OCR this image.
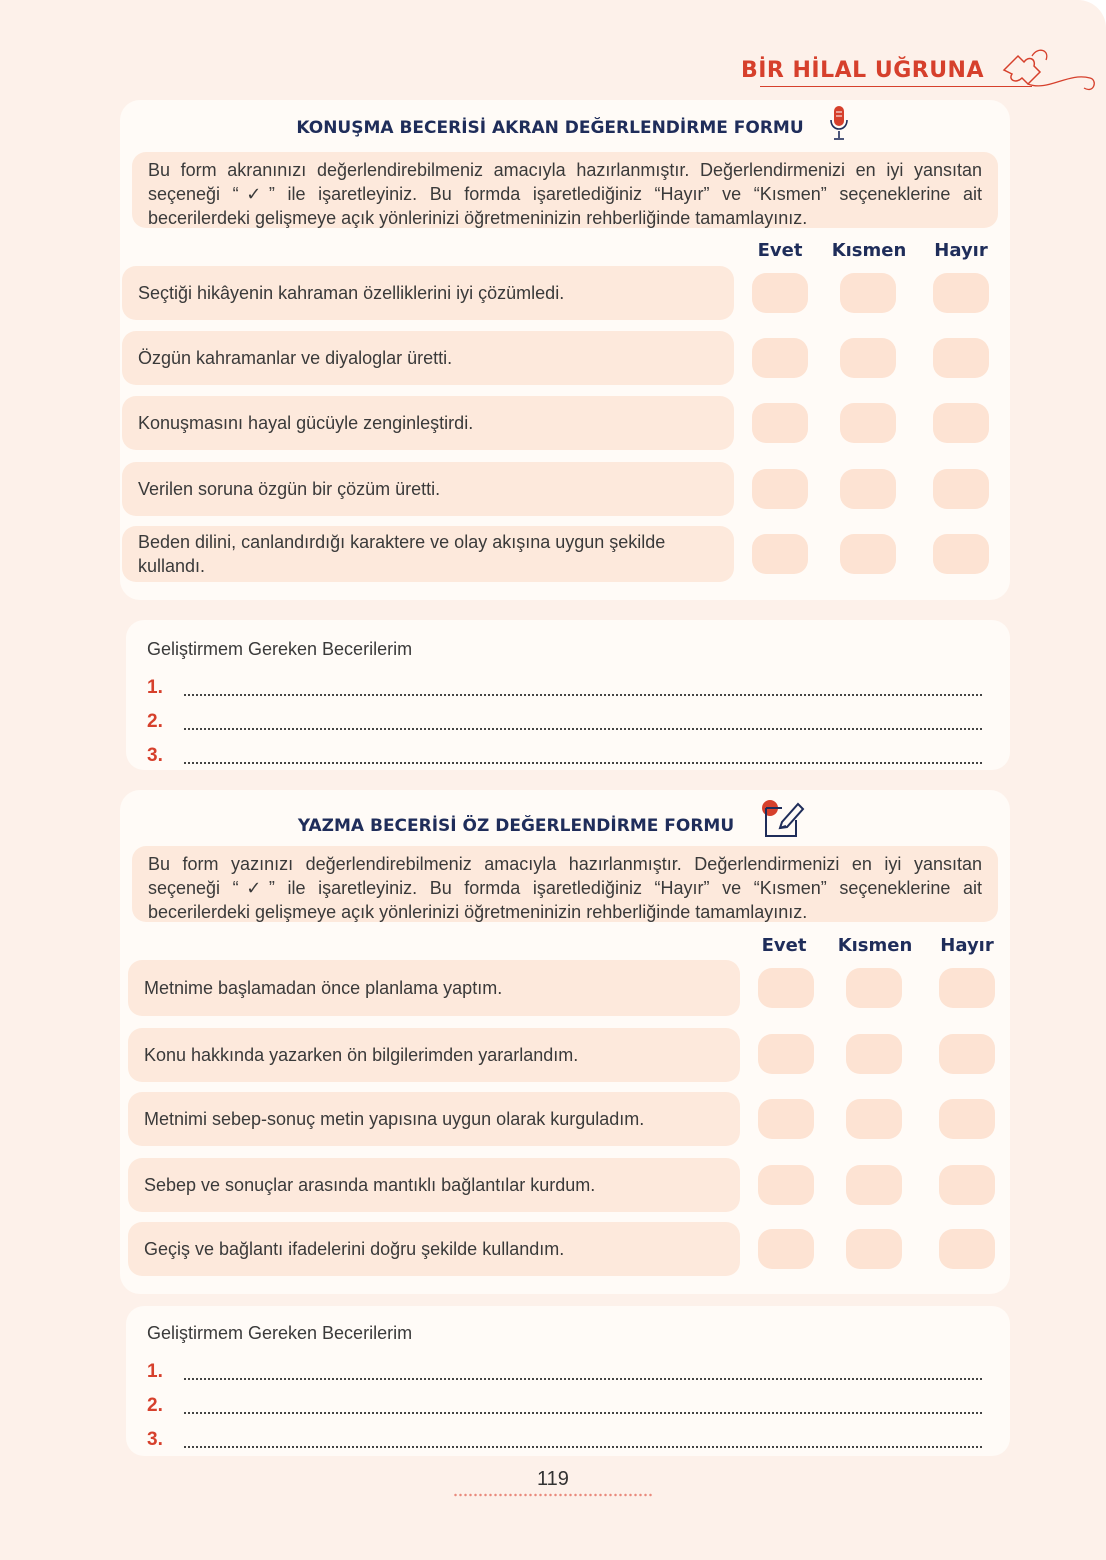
BİR HİLAL UĞRUNA
KONUŞMA BECERİSİ AKRAN DEĞERLENDİRME FORMU
Bu form akranınızı değerlendirebilmeniz amacıyla hazırlanmıştır. Değerlendirmenizi en iyi yansıtan seçeneği “✓” ile işaretleyiniz. Bu formda işaretlediğiniz “Hayır” ve “Kısmen” seçeneklerine ait becerilerdeki gelişmeye açık yönlerinizi öğretmeninizin rehberliğinde tamamlayınız.
Evet	Kısmen	Hayır
Seçtiği hikâyenin kahraman özelliklerini iyi çözümledi.
Özgün kahramanlar ve diyaloglar üretti.
Konuşmasını hayal gücüyle zenginleştirdi.
Verilen soruna özgün bir çözüm üretti.
Beden dilini, canlandırdığı karaktere ve olay akışına uygun şekilde kullandı.
Geliştirmem Gereken Becerilerim
1.
2.
3.
YAZMA BECERİSİ ÖZ DEĞERLENDİRME FORMU
Bu form yazınızı değerlendirebilmeniz amacıyla hazırlanmıştır. Değerlendirmenizi en iyi yansıtan seçeneği “✓” ile işaretleyiniz. Bu formda işaretlediğiniz “Hayır” ve “Kısmen” seçeneklerine ait becerilerdeki gelişmeye açık yönlerinizi öğretmeninizin rehberliğinde tamamlayınız.
Evet	Kısmen	Hayır
Metnime başlamadan önce planlama yaptım.
Konu hakkında yazarken ön bilgilerimden yararlandım.
Metnimi sebep-sonuç metin yapısına uygun olarak kurguladım.
Sebep ve sonuçlar arasında mantıklı bağlantılar kurdum.
Geçiş ve bağlantı ifadelerini doğru şekilde kullandım.
Geliştirmem Gereken Becerilerim
1.
2.
3.
119
